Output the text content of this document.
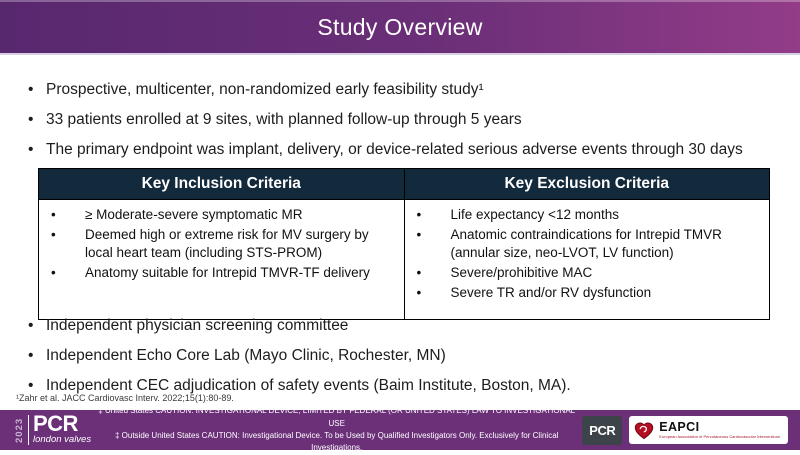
Study Overview
• Prospective, multicenter, non-randomized early feasibility study¹
• 33 patients enrolled at 9 sites, with planned follow-up through 5 years
• The primary endpoint was implant, delivery, or device-related serious adverse events through 30 days
Key Inclusion Criteria	Key Exclusion Criteria

• ≥ Moderate-severe symptomatic MR
• Deemed high or extreme risk for MV surgery by local heart team (including STS-PROM)
• Anatomy suitable for Intrepid TMVR-TF delivery

• Life expectancy <12 months
• Anatomic contraindications for Intrepid TMVR (annular size, neo-LVOT, LV function)
• Severe/prohibitive MAC
• Severe TR and/or RV dysfunction
• Independent physician screening committee
• Independent Echo Core Lab (Mayo Clinic, Rochester, MN)
• Independent CEC adjudication of safety events (Baim Institute, Boston, MA).
¹Zahr et al. JACC Cardiovasc Interv. 2022;15(1):80-89.
2023 PCR
london valves
‡ United States CAUTION: INVESTIGATIONAL DEVICE, LIMITED BY FEDERAL (OR UNITED STATES) LAW TO INVESTIGATIONAL USE
‡ Outside United States CAUTION: Investigational Device. To be Used by Qualified Investigators Only. Exclusively for Clinical Investigations.
PCR	EAPCI
European Association of Percutaneous Cardiovascular Interventions
